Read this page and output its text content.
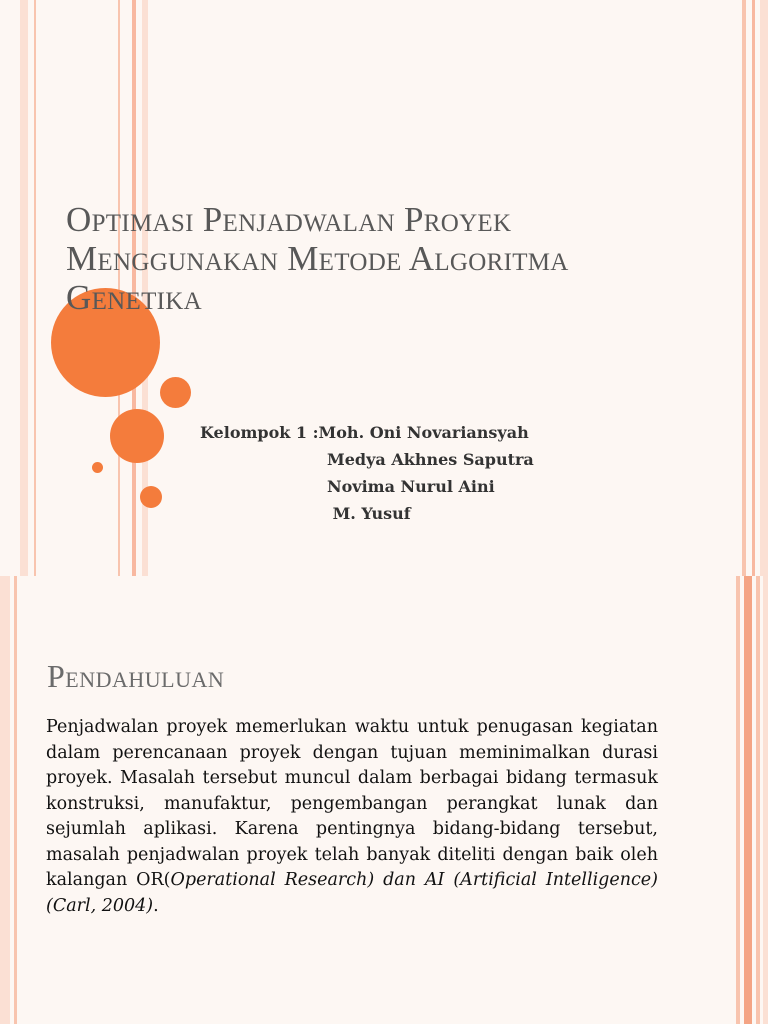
Optimasi Penjadwalan Proyek
Menggunakan Metode Algoritma
Genetika
Kelompok 1 :Moh. Oni Novariansyah
Medya Akhnes Saputra
Novima Nurul Aini
M. Yusuf
Pendahuluan
Penjadwalan proyek memerlukan waktu untuk penugasan kegiatan dalam perencanaan proyek dengan tujuan meminimalkan durasi proyek. Masalah tersebut muncul dalam berbagai bidang termasuk konstruksi, manufaktur, pengembangan perangkat lunak dan sejumlah aplikasi. Karena pentingnya bidang-bidang tersebut, masalah penjadwalan proyek telah banyak diteliti dengan baik oleh kalangan OR(Operational Research) dan AI (Artificial Intelligence) (Carl, 2004).
